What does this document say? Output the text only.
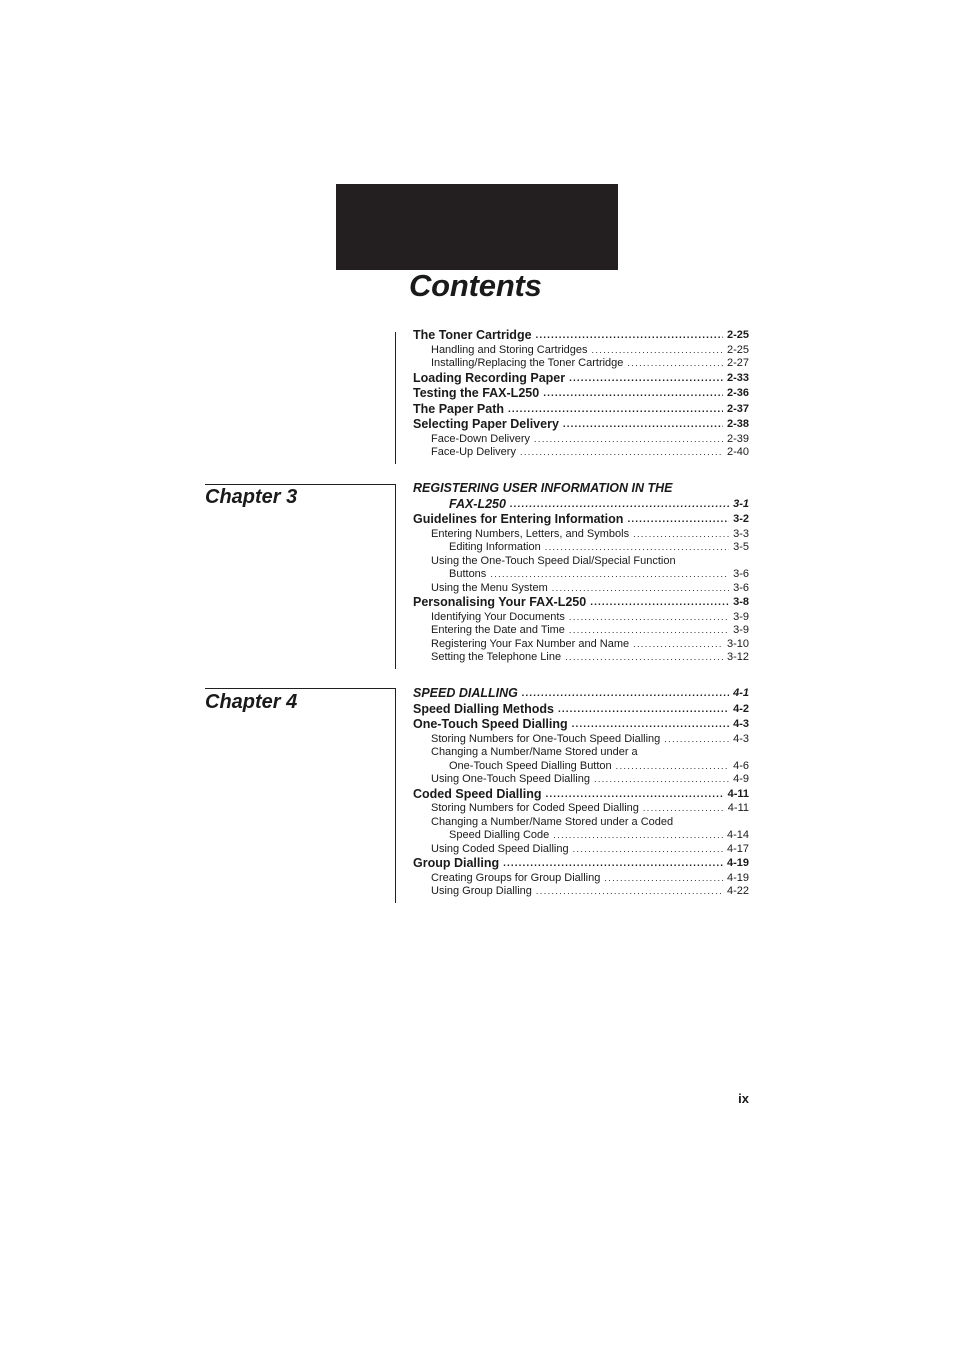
Contents
Chapter 3
Chapter 4
The Toner Cartridge .....	2-25
Handling and Storing Cartridges .....	2-25
Installing/Replacing the Toner Cartridge .....	2-27
Loading Recording Paper .....	2-33
Testing the FAX-L250 .....	2-36
The Paper Path .....	2-37
Selecting Paper Delivery .....	2-38
Face-Down Delivery .....	2-39
Face-Up Delivery .....	2-40
REGISTERING USER INFORMATION IN THE
FAX-L250 .....	3-1
Guidelines for Entering Information .....	3-2
Entering Numbers, Letters, and Symbols .....	3-3
Editing Information .....	3-5
Using the One-Touch Speed Dial/Special Function
Buttons .....	3-6
Using the Menu System .....	3-6
Personalising Your FAX-L250 .....	3-8
Identifying Your Documents .....	3-9
Entering the Date and Time .....	3-9
Registering Your Fax Number and Name .....	3-10
Setting the Telephone Line .....	3-12
SPEED DIALLING .....	4-1
Speed Dialling Methods .....	4-2
One-Touch Speed Dialling .....	4-3
Storing Numbers for One-Touch Speed Dialling .....	4-3
Changing a Number/Name Stored under a
One-Touch Speed Dialling Button .....	4-6
Using One-Touch Speed Dialling .....	4-9
Coded Speed Dialling .....	4-11
Storing Numbers for Coded Speed Dialling .....	4-11
Changing a Number/Name Stored under a Coded
Speed Dialling Code .....	4-14
Using Coded Speed Dialling .....	4-17
Group Dialling .....	4-19
Creating Groups for Group Dialling .....	4-19
Using Group Dialling .....	4-22
ix
